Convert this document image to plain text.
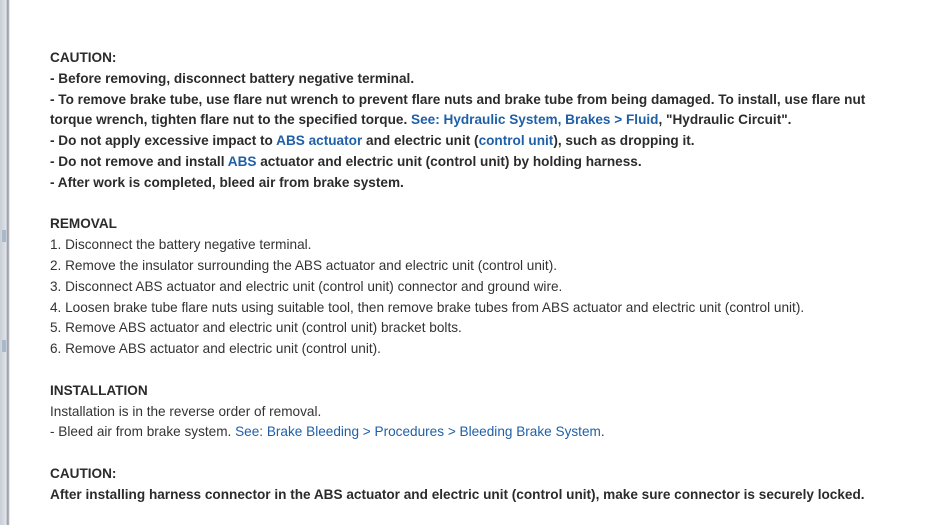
CAUTION:
- Before removing, disconnect battery negative terminal.
- To remove brake tube, use flare nut wrench to prevent flare nuts and brake tube from being damaged. To install, use flare nut torque wrench, tighten flare nut to the specified torque. See: Hydraulic System, Brakes > Fluid, "Hydraulic Circuit".
- Do not apply excessive impact to ABS actuator and electric unit (control unit), such as dropping it.
- Do not remove and install ABS actuator and electric unit (control unit) by holding harness.
- After work is completed, bleed air from brake system.
REMOVAL
1. Disconnect the battery negative terminal.
2. Remove the insulator surrounding the ABS actuator and electric unit (control unit).
3. Disconnect ABS actuator and electric unit (control unit) connector and ground wire.
4. Loosen brake tube flare nuts using suitable tool, then remove brake tubes from ABS actuator and electric unit (control unit).
5. Remove ABS actuator and electric unit (control unit) bracket bolts.
6. Remove ABS actuator and electric unit (control unit).
INSTALLATION
Installation is in the reverse order of removal.
- Bleed air from brake system. See: Brake Bleeding > Procedures > Bleeding Brake System.
CAUTION:
After installing harness connector in the ABS actuator and electric unit (control unit), make sure connector is securely locked.
